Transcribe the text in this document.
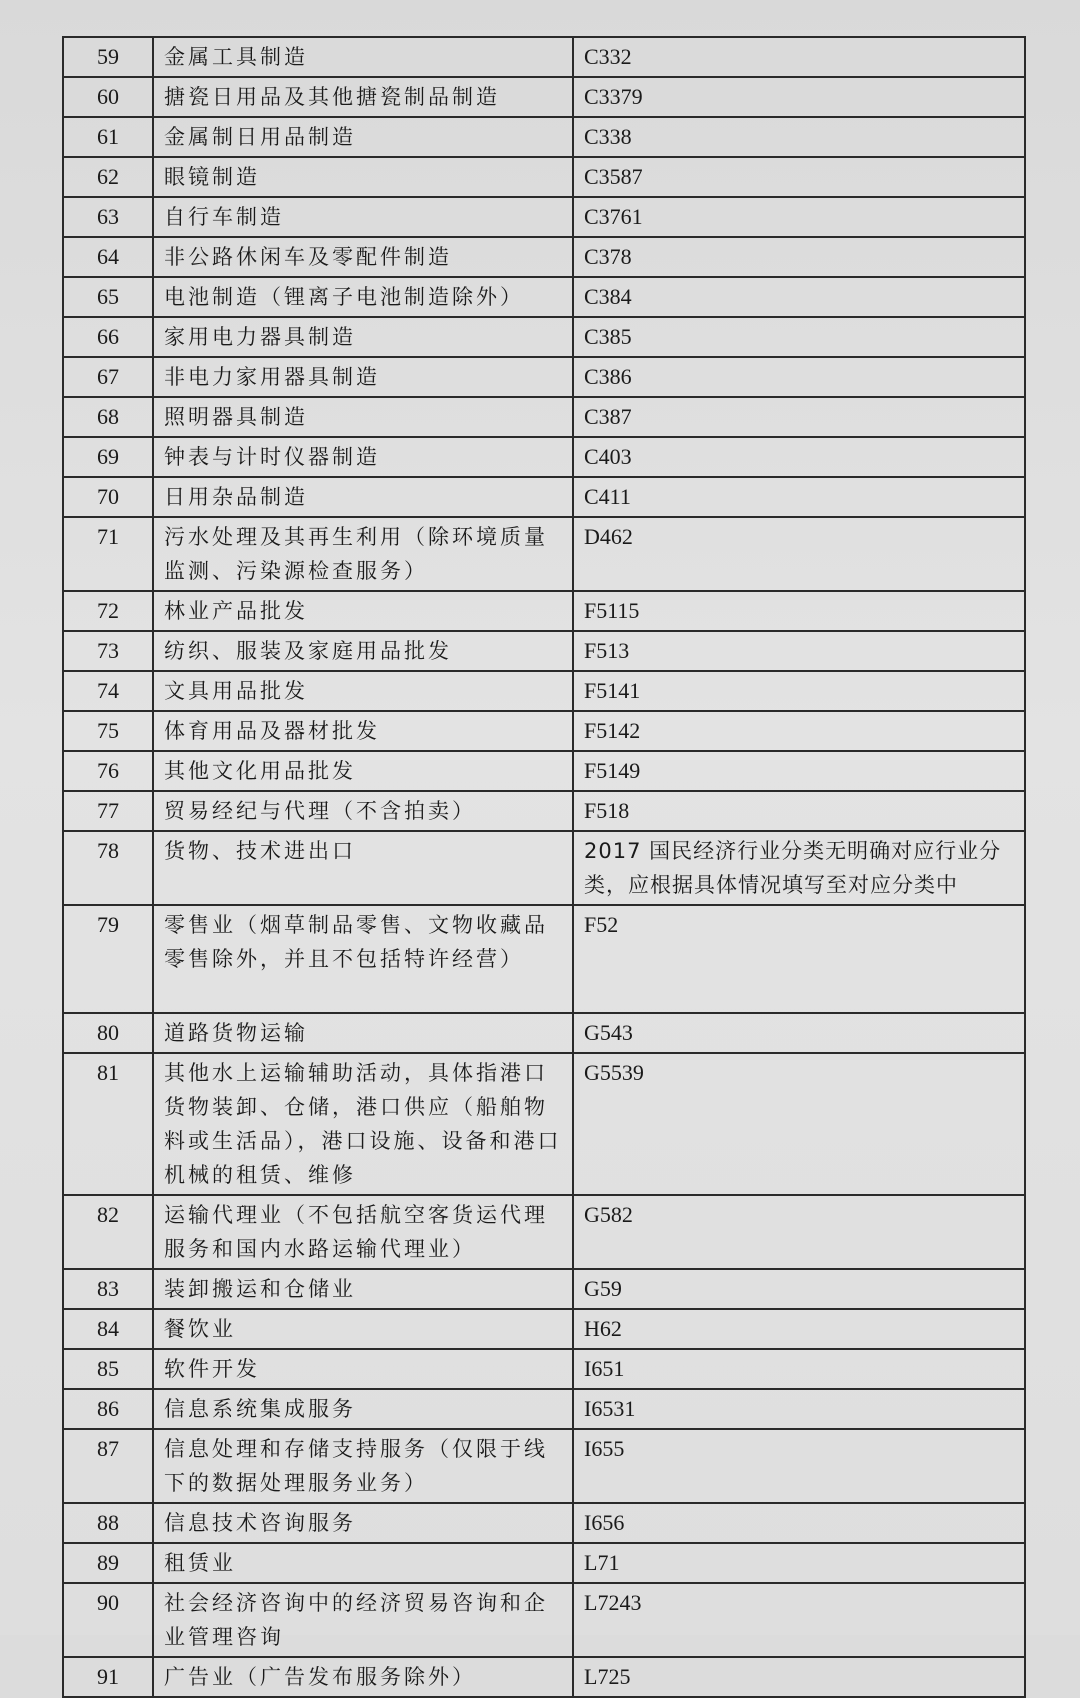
59	金属工具制造	C332
60	搪瓷日用品及其他搪瓷制品制造	C3379
61	金属制日用品制造	C338
62	眼镜制造	C3587
63	自行车制造	C3761
64	非公路休闲车及零配件制造	C378
65	电池制造（锂离子电池制造除外）	C384
66	家用电力器具制造	C385
67	非电力家用器具制造	C386
68	照明器具制造	C387
69	钟表与计时仪器制造	C403
70	日用杂品制造	C411
71	污水处理及其再生利用（除环境质量监测、污染源检查服务）	D462
72	林业产品批发	F5115
73	纺织、服装及家庭用品批发	F513
74	文具用品批发	F5141
75	体育用品及器材批发	F5142
76	其他文化用品批发	F5149
77	贸易经纪与代理（不含拍卖）	F518
78	货物、技术进出口	2017 国民经济行业分类无明确对应行业分类，应根据具体情况填写至对应分类中
79	零售业（烟草制品零售、文物收藏品零售除外，并且不包括特许经营）	F52
80	道路货物运输	G543
81	其他水上运输辅助活动，具体指港口货物装卸、仓储，港口供应（船舶物料或生活品），港口设施、设备和港口机械的租赁、维修	G5539
82	运输代理业（不包括航空客货运代理服务和国内水路运输代理业）	G582
83	装卸搬运和仓储业	G59
84	餐饮业	H62
85	软件开发	I651
86	信息系统集成服务	I6531
87	信息处理和存储支持服务（仅限于线下的数据处理服务业务）	I655
88	信息技术咨询服务	I656
89	租赁业	L71
90	社会经济咨询中的经济贸易咨询和企业管理咨询	L7243
91	广告业（广告发布服务除外）	L725
